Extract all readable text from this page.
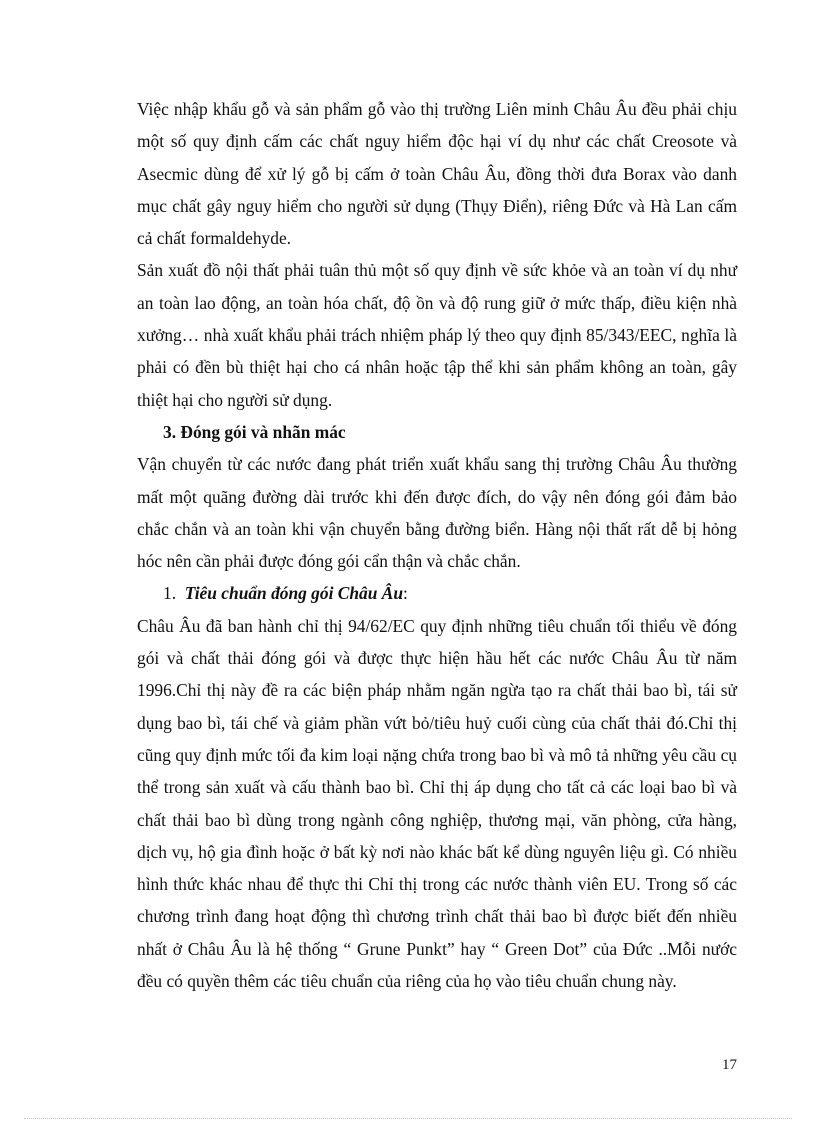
Việc nhập khẩu gỗ và sản phẩm gỗ vào thị trường Liên minh Châu Âu đều phải chịu một số quy định cấm các chất nguy hiểm độc hại ví dụ như các chất Creosote và Asecmic dùng để xử lý gỗ bị cấm ở toàn Châu Âu, đồng thời đưa Borax vào danh mục chất gây nguy hiểm cho người sử dụng (Thụy Điển), riêng Đức và Hà Lan cấm cả chất formaldehyde.

Sản xuất đồ nội thất phải tuân thủ một số quy định về sức khỏe và an toàn ví dụ như an toàn lao động, an toàn hóa chất, độ ồn và độ rung giữ ở mức thấp, điều kiện nhà xưởng… nhà xuất khẩu phải trách nhiệm pháp lý theo quy định 85/343/EEC, nghĩa là phải có đền bù thiệt hại cho cá nhân hoặc tập thể khi sản phẩm không an toàn, gây thiệt hại cho người sử dụng.

3. Đóng gói và nhãn mác

Vận chuyển từ các nước đang phát triển xuất khẩu sang thị trường Châu Âu thường mất một quãng đường dài trước khi đến được đích, do vậy nên đóng gói đảm bảo chắc chắn và an toàn khi vận chuyển bằng đường biển. Hàng nội thất rất dễ bị hỏng hóc nên cần phải được đóng gói cẩn thận và chắc chắn.

1. Tiêu chuẩn đóng gói Châu Âu:

Châu Âu đã ban hành chỉ thị 94/62/EC quy định những tiêu chuẩn tối thiểu về đóng gói và chất thải đóng gói và được thực hiện hầu hết các nước Châu Âu từ năm 1996.Chỉ thị này đề ra các biện pháp nhằm ngăn ngừa tạo ra chất thải bao bì, tái sử dụng bao bì, tái chế và giảm phần vứt bỏ/tiêu huỷ cuối cùng của chất thải đó.Chỉ thị cũng quy định mức tối đa kim loại nặng chứa trong bao bì và mô tả những yêu cầu cụ thể trong sản xuất và cấu thành bao bì. Chỉ thị áp dụng cho tất cả các loại bao bì và chất thải bao bì dùng trong ngành công nghiệp, thương mại, văn phòng, cửa hàng, dịch vụ, hộ gia đình hoặc ở bất kỳ nơi nào khác bất kể dùng nguyên liệu gì. Có nhiều hình thức khác nhau để thực thi Chỉ thị trong các nước thành viên EU. Trong số các chương trình đang hoạt động thì chương trình chất thải bao bì được biết đến nhiều nhất ở Châu Âu là hệ thống “ Grune Punkt” hay “ Green Dot” của Đức ..Mỗi nước đều có quyền thêm các tiêu chuẩn của riêng của họ vào tiêu chuẩn chung này.

17
